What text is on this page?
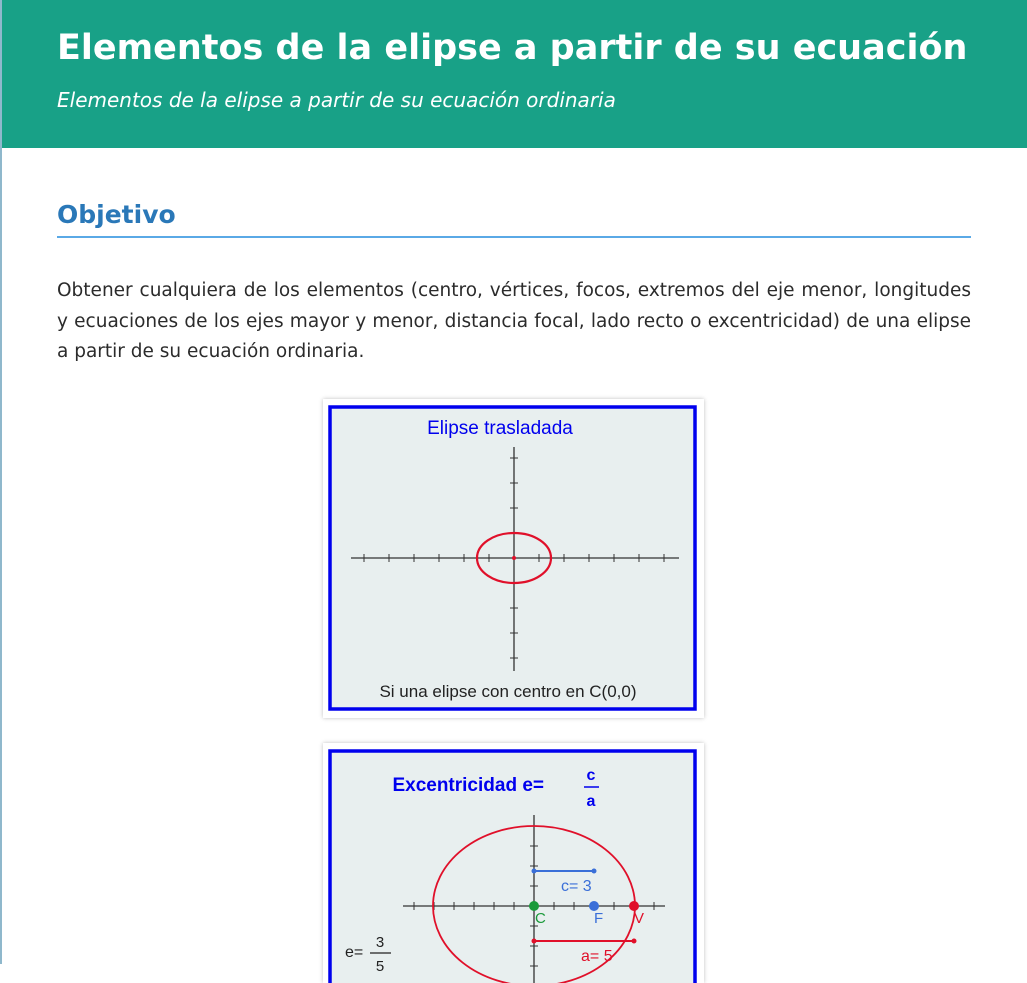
Elementos de la elipse a partir de su ecuación

Elementos de la elipse a partir de su ecuación ordinaria

Objetivo

Obtener cualquiera de los elementos (centro, vértices, focos, extremos del eje menor, longitudes y ecuaciones de los ejes mayor y menor, distancia focal, lado recto o excentricidad) de una elipse a partir de su ecuación ordinaria.

Elipse trasladada
Si una elipse con centro en C(0,0)
Excentricidad e=	c
a
c= 3
a= 5
C	F V
e=
3
5
